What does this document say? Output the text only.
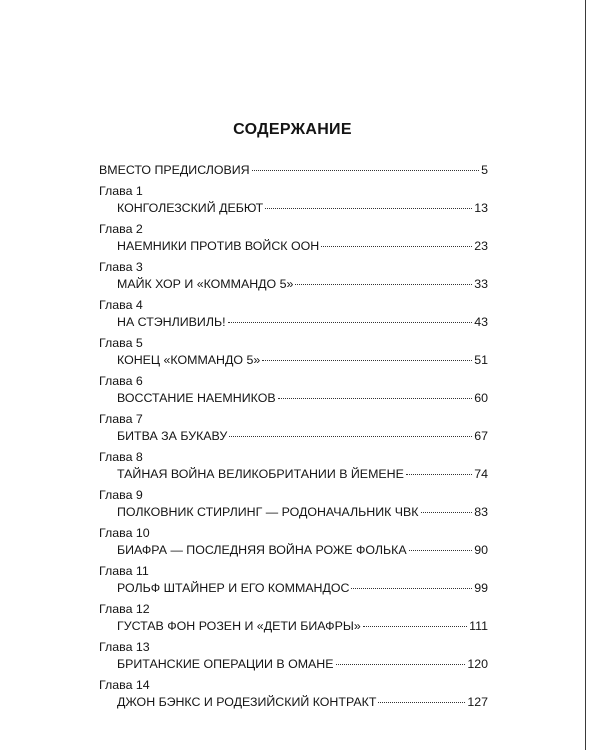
СОДЕРЖАНИЕ
ВМЕСТО ПРЕДИСЛОВИЯ	5
Глава 1
КОНГОЛЕЗСКИЙ ДЕБЮТ	13
Глава 2
НАЕМНИКИ ПРОТИВ ВОЙСК ООН	23
Глава 3
МАЙК ХОР И «КОММАНДО 5»	33
Глава 4
НА СТЭНЛИВИЛЬ!	43
Глава 5
КОНЕЦ «КОММАНДО 5»	51
Глава 6
ВОССТАНИЕ НАЕМНИКОВ	60
Глава 7
БИТВА ЗА БУКАВУ	67
Глава 8
ТАЙНАЯ ВОЙНА ВЕЛИКОБРИТАНИИ В ЙЕМЕНЕ	74
Глава 9
ПОЛКОВНИК СТИРЛИНГ — РОДОНАЧАЛЬНИК ЧВК	83
Глава 10
БИАФРА — ПОСЛЕДНЯЯ ВОЙНА РОЖЕ ФОЛЬКА	90
Глава 11
РОЛЬФ ШТАЙНЕР И ЕГО КОММАНДОС	99
Глава 12
ГУСТАВ ФОН РОЗЕН И «ДЕТИ БИАФРЫ»	111
Глава 13
БРИТАНСКИЕ ОПЕРАЦИИ В ОМАНЕ	120
Глава 14
ДЖОН БЭНКС И РОДЕЗИЙСКИЙ КОНТРАКТ	127
